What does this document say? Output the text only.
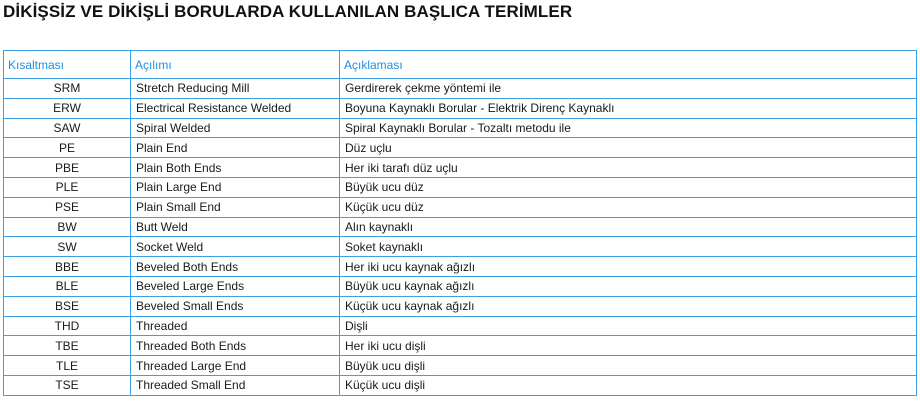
DİKİŞSİZ VE DİKİŞLİ BORULARDA KULLANILAN BAŞLICA TERİMLER
Kısaltması	Açılımı	Açıklaması
SRM	Stretch Reducing Mill	Gerdirerek çekme yöntemi ile
ERW	Electrical Resistance Welded	Boyuna Kaynaklı Borular - Elektrik Direnç Kaynaklı
SAW	Spiral Welded	Spiral Kaynaklı Borular - Tozaltı metodu ile
PE	Plain End	Düz uçlu
PBE	Plain Both Ends	Her iki tarafı düz uçlu
PLE	Plain Large End	Büyük ucu düz
PSE	Plain Small End	Küçük ucu düz
BW	Butt Weld	Alın kaynaklı
SW	Socket Weld	Soket kaynaklı
BBE	Beveled Both Ends	Her iki ucu kaynak ağızlı
BLE	Beveled Large Ends	Büyük ucu kaynak ağızlı
BSE	Beveled Small Ends	Küçük ucu kaynak ağızlı
THD	Threaded	Dişli
TBE	Threaded Both Ends	Her iki ucu dişli
TLE	Threaded Large End	Büyük ucu dişli
TSE	Threaded Small End	Küçük ucu dişli
